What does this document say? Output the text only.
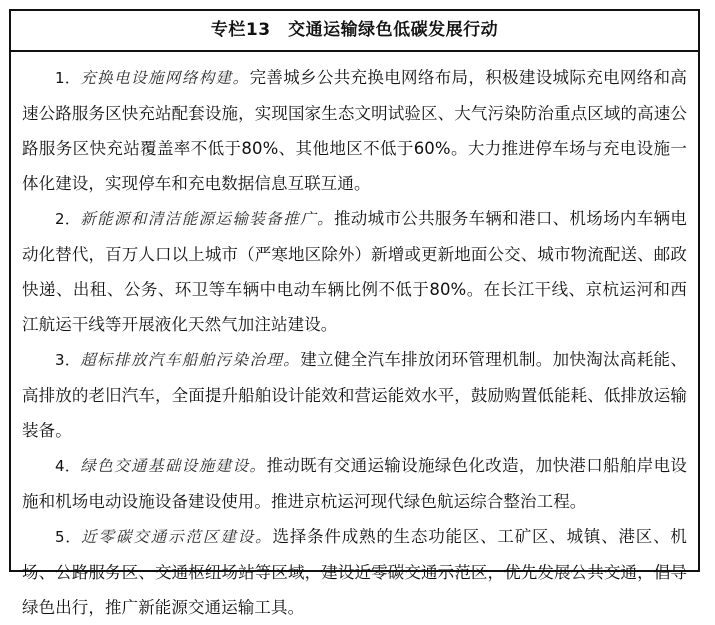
专栏13　交通运输绿色低碳发展行动

1．充换电设施网络构建。完善城乡公共充换电网络布局，积极建设城际充电网络和高速公路服务区快充站配套设施，实现国家生态文明试验区、大气污染防治重点区域的高速公路服务区快充站覆盖率不低于80%、其他地区不低于60%。大力推进停车场与充电设施一体化建设，实现停车和充电数据信息互联互通。

2．新能源和清洁能源运输装备推广。推动城市公共服务车辆和港口、机场场内车辆电动化替代，百万人口以上城市（严寒地区除外）新增或更新地面公交、城市物流配送、邮政快递、出租、公务、环卫等车辆中电动车辆比例不低于80%。在长江干线、京杭运河和西江航运干线等开展液化天然气加注站建设。

3．超标排放汽车船舶污染治理。建立健全汽车排放闭环管理机制。加快淘汰高耗能、高排放的老旧汽车，全面提升船舶设计能效和营运能效水平，鼓励购置低能耗、低排放运输装备。

4．绿色交通基础设施建设。推动既有交通运输设施绿色化改造，加快港口船舶岸电设施和机场电动设施设备建设使用。推进京杭运河现代绿色航运综合整治工程。

5．近零碳交通示范区建设。选择条件成熟的生态功能区、工矿区、城镇、港区、机场、公路服务区、交通枢纽场站等区域，建设近零碳交通示范区，优先发展公共交通，倡导绿色出行，推广新能源交通运输工具。
